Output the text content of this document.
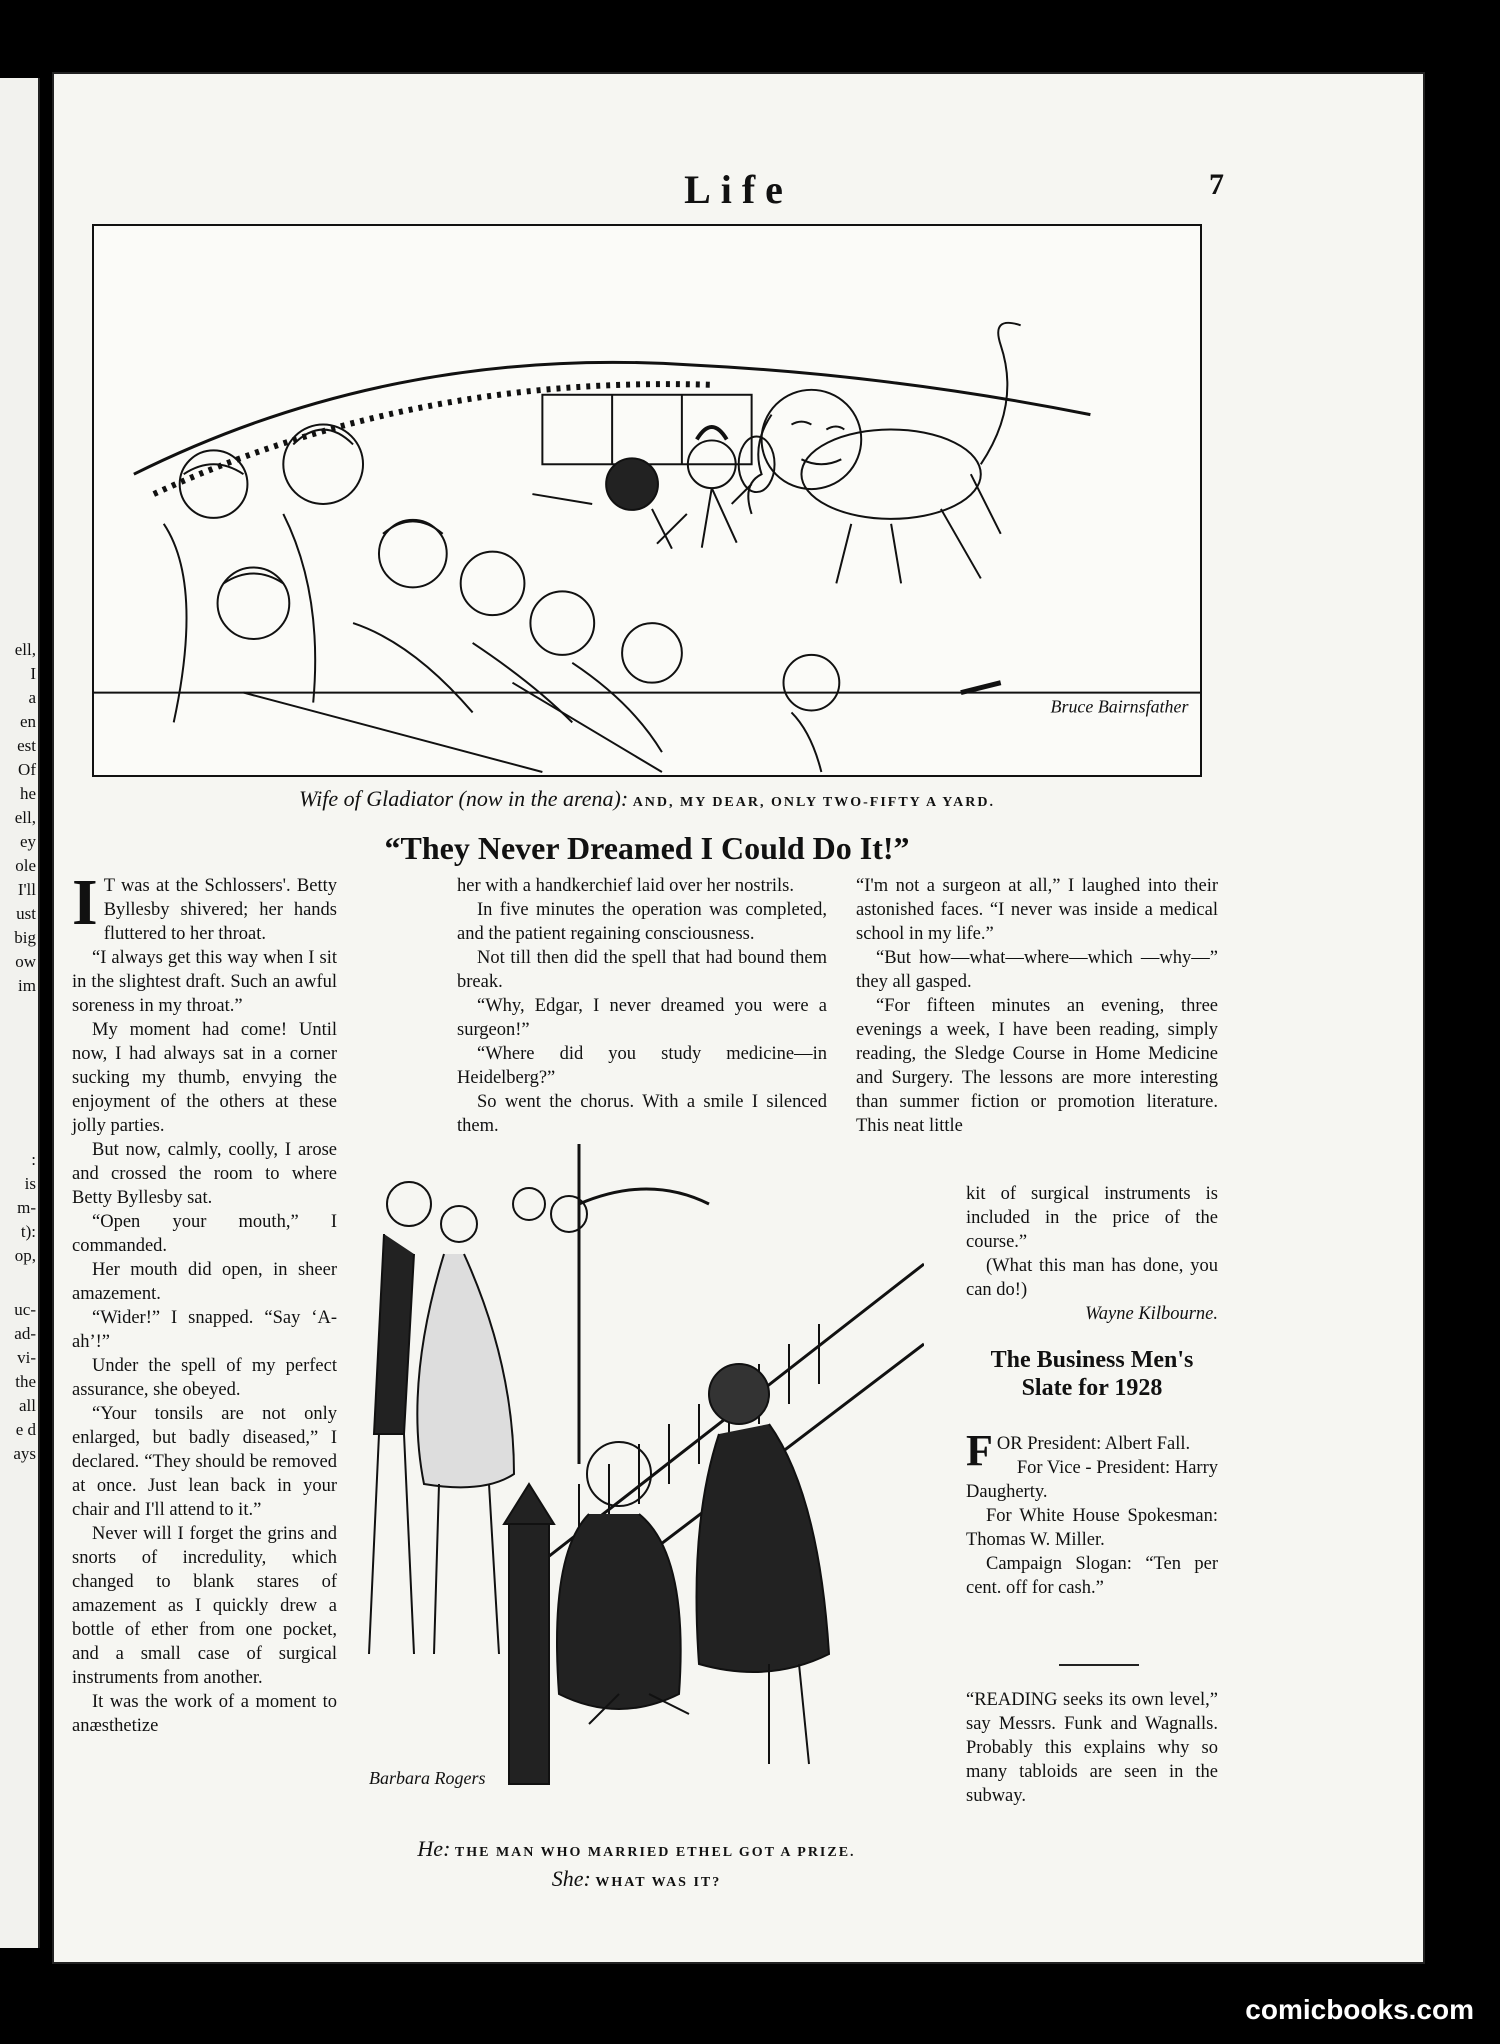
ell,
I
a
en
est
Of
he
ell,
ey
ole
I'll
ust
big
ow
im
:
is
m-
t):
op,
uc-
ad-
vi-
the
all
e d
ays
Life	7
Bruce Bairnsfather
Wife of Gladiator (now in the arena): AND, MY DEAR, ONLY TWO-FIFTY A YARD.
“They Never Dreamed I Could Do It!”
I T was at the Schlossers'. Betty Byllesby shivered; her hands fluttered to her throat.

“I always get this way when I sit in the slightest draft. Such an awful soreness in my throat.”

My moment had come! Until now, I had always sat in a corner sucking my thumb, envying the enjoyment of the others at these jolly parties.

But now, calmly, coolly, I arose and crossed the room to where Betty Byllesby sat.

“Open your mouth,” I commanded.

Her mouth did open, in sheer amazement.

“Wider!” I snapped. “Say ‘A-ah’!”

Under the spell of my perfect assurance, she obeyed.

“Your tonsils are not only enlarged, but badly diseased,” I declared. “They should be removed at once. Just lean back in your chair and I'll attend to it.”

Never will I forget the grins and snorts of incredulity, which changed to blank stares of amazement as I quickly drew a bottle of ether from one pocket, and a small case of surgical instruments from another.

It was the work of a moment to anæsthetize

her with a handkerchief laid over her nostrils.

In five minutes the operation was completed, and the patient regaining consciousness.

Not till then did the spell that had bound them break.

“Why, Edgar, I never dreamed you were a surgeon!”

“Where did you study medicine—in Heidelberg?”

So went the chorus. With a smile I silenced them.

“I'm not a surgeon at all,” I laughed into their astonished faces. “I never was inside a medical school in my life.”

“But how—what—where—which —why—” they all gasped.

“For fifteen minutes an evening, three evenings a week, I have been reading, simply reading, the Sledge Course in Home Medicine and Surgery. The lessons are more interesting than summer fiction or promotion literature. This neat little

kit of surgical instruments is included in the price of the course.”

(What this man has done, you can do!)

Wayne Kilbourne.

Barbara Rogers
He: THE MAN WHO MARRIED ETHEL GOT A PRIZE.
She: WHAT WAS IT?
The Business Men's Slate for 1928
F OR President: Albert Fall.

For Vice - President: Harry Daugherty.

For White House Spokesman: Thomas W. Miller.

Campaign Slogan: “Ten per cent. off for cash.”

“READING seeks its own level,” say Messrs. Funk and Wagnalls. Probably this explains why so many tabloids are seen in the subway.
comicbooks.com
